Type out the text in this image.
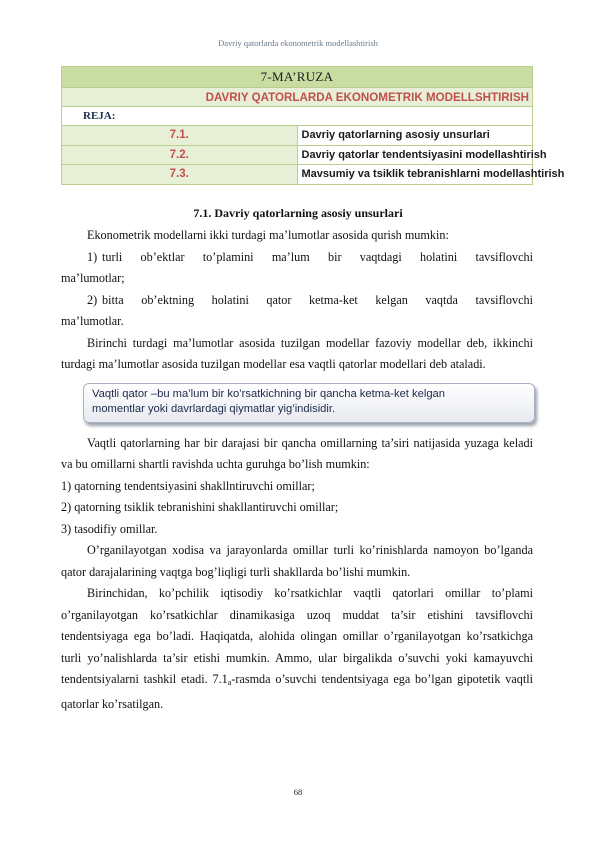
Davriy qatorlarda ekonometrik modellashtirish
7-MA’RUZA	
DAVRIY QATORLARDA EKONOMETRIK MODELLSHTIRISH	
REJA:	
7.1.	Davriy qatorlarning asosiy unsurlari
7.2.	Davriy qatorlar tendentsiyasini modellashtirish
7.3.	Mavsumiy va tsiklik tebranishlarni modellashtirish
7.1. Davriy qatorlarning asosiy unsurlari

Ekonometrik modellarni ikki turdagi ma’lumotlar asosida qurish mumkin:

1) turli ob’ektlar to’plamini ma’lum bir vaqtdagi holatini tavsiflovchi

ma’lumotlar;

2) bitta ob’ektning holatini qator ketma-ket kelgan vaqtda tavsiflovchi

ma’lumotlar.

Birinchi turdagi ma’lumotlar asosida tuzilgan modellar fazoviy modellar deb, ikkinchi turdagi ma’lumotlar asosida tuzilgan modellar esa vaqtli qatorlar modellari deb ataladi.

Vaqtli qator –bu ma’lum bir ko’rsatkichning bir qancha ketma-ket kelgan
momentlar yoki davrlardagi qiymatlar yig’indisidir.

Vaqtli qatorlarning har bir darajasi bir qancha omillarning ta’siri natijasida yuzaga keladi va bu omillarni shartli ravishda uchta guruhga bo’lish mumkin:

1) qatorning tendentsiyasini shakllntiruvchi omillar;

2) qatorning tsiklik tebranishini shakllantiruvchi omillar;

3) tasodifiy omillar.

O’rganilayotgan xodisa va jarayonlarda omillar turli ko’rinishlarda namoyon bo’lganda qator darajalarining vaqtga bog’liqligi turli shakllarda bo’lishi mumkin.

Birinchidan, ko’pchilik iqtisodiy ko’rsatkichlar vaqtli qatorlari omillar to’plami o’rganilayotgan ko’rsatkichlar dinamikasiga uzoq muddat ta’sir etishini tavsiflovchi tendentsiyaga ega bo’ladi. Haqiqatda, alohida olingan omillar o’rganilayotgan ko’rsatkichga turli yo’nalishlarda ta’sir etishi mumkin. Ammo, ular birgalikda o’suvchi yoki kamayuvchi tendentsiyalarni tashkil etadi. $7.1_a$-rasmda o’suvchi tendentsiyaga ega bo’lgan gipotetik vaqtli qatorlar ko’rsatilgan.

68
